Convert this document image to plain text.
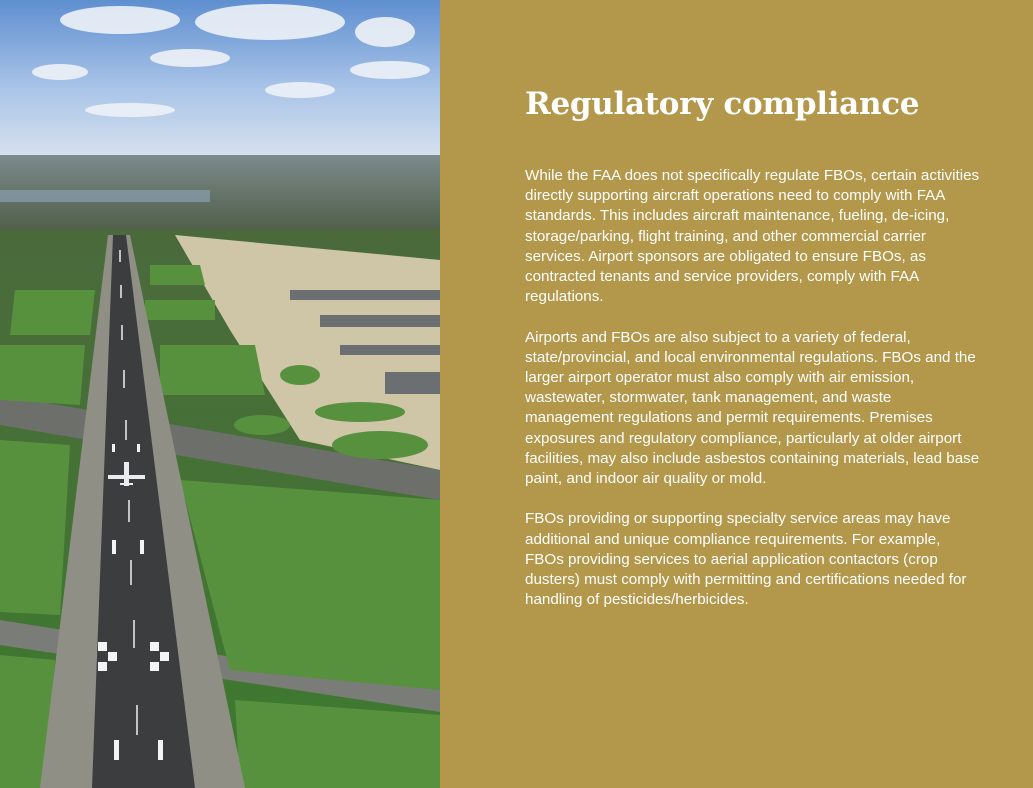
Regulatory compliance

While the FAA does not specifically regulate FBOs, certain activities directly supporting aircraft operations need to comply with FAA standards. This includes aircraft maintenance, fueling, de-icing, storage/parking, flight training, and other commercial carrier services. Airport sponsors are obligated to ensure FBOs, as contracted tenants and service providers, comply with FAA regulations.

Airports and FBOs are also subject to a variety of federal, state/provincial, and local environmental regulations. FBOs and the larger airport operator must also comply with air emission, wastewater, stormwater, tank management, and waste management regulations and permit requirements. Premises exposures and regulatory compliance, particularly at older airport facilities, may also include asbestos containing materials, lead base paint, and indoor air quality or mold.

FBOs providing or supporting specialty service areas may have additional and unique compliance requirements. For example, FBOs providing services to aerial application contactors (crop dusters) must comply with permitting and certifications needed for handling of pesticides/herbicides.
